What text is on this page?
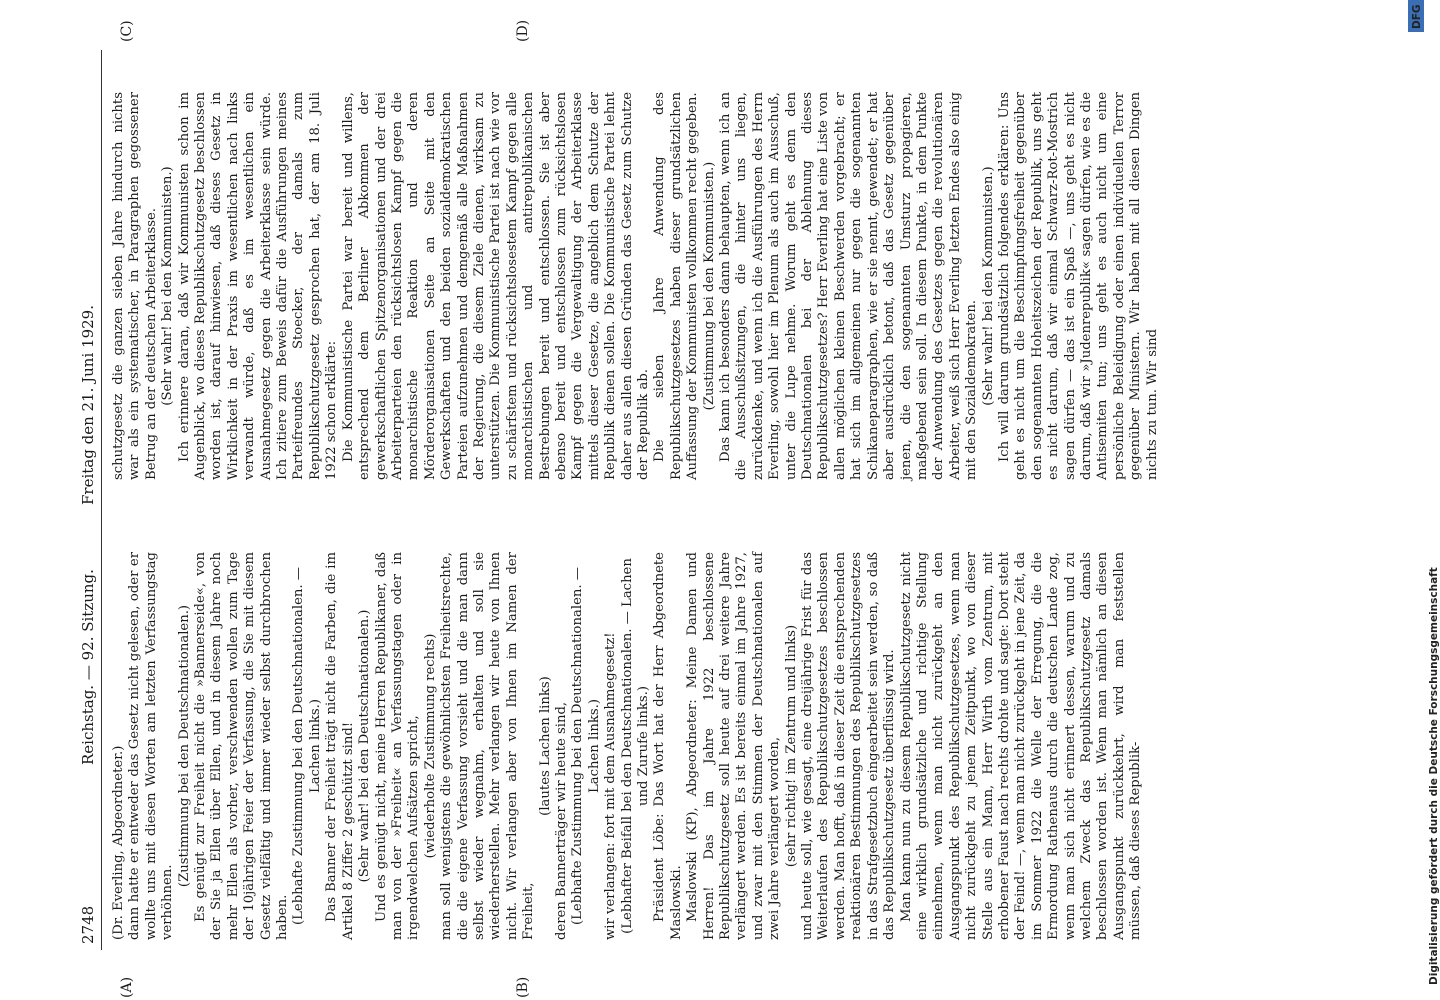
2748
Reichstag. — 92. Sitzung.
Freitag den 21. Juni 1929.
(A)	(B)
(C)	(D)

(Dr. Everling, Abgeordneter.) dann hatte er entweder das Gesetz nicht gelesen, oder er wollte uns mit diesen Worten am letzten Verfassungstag verhöhnen.

(Zustimmung bei den Deutschnationalen.) Es genügt zur Freiheit nicht die »Bannerseide«, von der Sie ja Ellen über Ellen, und in diesem Jahre noch mehr Ellen als vorher, verschwenden wollen zum Tage der 10jährigen Feier der Verfassung, die Sie mit diesem Gesetz vielfältig und immer wieder selbst durchbrochen haben. (Lebhafte Zustimmung bei den Deutschnationalen. — Lachen links.) Das Banner der Freiheit trägt nicht die Farben, die im Artikel 8 Ziffer 2 geschützt sind! (Sehr wahr! bei den Deutschnationalen.) Und es genügt nicht, meine Herren Republikaner, daß man von der »Freiheit« an Verfassungstagen oder in irgendwelchen Aufsätzen spricht, (wiederholte Zustimmung rechts) man soll wenigstens die gewöhnlichsten Freiheitsrechte, die die eigene Verfassung vorsieht und die man dann selbst wieder wegnahm, erhalten und soll sie wiederherstellen. Mehr verlangen wir heute von Ihnen nicht. Wir verlangen aber von Ihnen im Namen der Freiheit,

(lautes Lachen links) deren Bannerträger wir heute sind, (Lebhafte Zustimmung bei den Deutschnationalen. — Lachen links.) wir verlangen: fort mit dem Ausnahmegesetz! (Lebhafter Beifall bei den Deutschnationalen. — Lachen und Zurufe links.) Präsident Löbe: Das Wort hat der Herr Abgeordnete Maslowski. Maslowski (KP), Abgeordneter: Meine Damen und Herren! Das im Jahre 1922 beschlossene Republikschutzgesetz soll heute auf drei weitere Jahre verlängert werden. Es ist bereits einmal im Jahre 1927, und zwar mit den Stimmen der Deutschnationalen auf zwei Jahre verlängert worden, (sehr richtig! im Zentrum und links) und heute soll, wie gesagt, eine dreijährige Frist für das Weiterlaufen des Republikschutzgesetzes beschlossen werden. Man hofft, daß in dieser Zeit die entsprechenden reaktionären Bestimmungen des Republikschutzgesetzes in das Strafgesetzbuch eingearbeitet sein werden, so daß das Republikschutzgesetz überflüssig wird. Man kann nun zu diesem Republikschutzgesetz nicht eine wirklich grundsätzliche und richtige Stellung einnehmen, wenn man nicht zurückgeht an den Ausgangspunkt des Republikschutzgesetzes, wenn man nicht zurückgeht zu jenem Zeitpunkt, wo von dieser Stelle aus ein Mann, Herr Wirth vom Zentrum, mit erhobener Faust nach rechts drohte und sagte: Dort steht der Feind! —, wenn man nicht zurückgeht in jene Zeit, da im Sommer 1922 die Welle der Erregung, die die Ermordung Rathenaus durch die deutschen Lande zog, wenn man sich nicht erinnert dessen, warum und zu welchem Zweck das Republikschutzgesetz damals beschlossen worden ist. Wenn man nämlich an diesen Ausgangspunkt zurückkehrt, wird man feststellen müssen, daß dieses Republik-

schutzgesetz die ganzen sieben Jahre hindurch nichts war als ein systematischer, in Paragraphen gegossener Betrug an der deutschen Arbeiterklasse. (Sehr wahr! bei den Kommunisten.) Ich erinnere daran, daß wir Kommunisten schon im Augenblick, wo dieses Republikschutzgesetz beschlossen worden ist, darauf hinwiesen, daß dieses Gesetz in Wirklichkeit in der Praxis im wesentlichen nach links verwandt würde, daß es im wesentlichen ein Ausnahmegesetz gegen die Arbeiterklasse sein würde. Ich zitiere zum Beweis dafür die Ausführungen meines Parteifreundes Stoecker, der damals zum Republikschutzgesetz gesprochen hat, der am 18. Juli 1922 schon erklärte: Die Kommunistische Partei war bereit und willens, entsprechend dem Berliner Abkommen der gewerkschaftlichen Spitzenorganisationen und der drei Arbeiterparteien den rücksichtslosen Kampf gegen die monarchistische Reaktion und deren Mörderorganisationen Seite an Seite mit den Gewerkschaften und den beiden sozialdemokratischen Parteien aufzunehmen und demgemäß alle Maßnahmen der Regierung, die diesem Ziele dienen, wirksam zu unterstützen. Die Kommunistische Partei ist nach wie vor zu schärfstem und rücksichtslosestem Kampf gegen alle monarchistischen und antirepublikanischen Bestrebungen bereit und entschlossen. Sie ist aber ebenso bereit und entschlossen zum rücksichtslosen Kampf gegen die Vergewaltigung der Arbeiterklasse mittels dieser Gesetze, die angeblich dem Schutze der Republik dienen sollen. Die Kommunistische Partei lehnt daher aus allen diesen Gründen das Gesetz zum Schutze der Republik ab. Die sieben Jahre Anwendung des Republikschutzgesetzes haben dieser grundsätzlichen Auffassung der Kommunisten vollkommen recht gegeben. (Zustimmung bei den Kommunisten.) Das kann ich besonders dann behaupten, wenn ich an die Ausschußsitzungen, die hinter uns liegen, zurückdenke, und wenn ich die Ausführungen des Herrn Everling, sowohl hier im Plenum als auch im Ausschuß, unter die Lupe nehme. Worum geht es denn den Deutschnationalen bei der Ablehnung dieses Republikschutzgesetzes? Herr Everling hat eine Liste von allen möglichen kleinen Beschwerden vorgebracht; er hat sich im allgemeinen nur gegen die sogenannten Schikaneparagraphen, wie er sie nennt, gewendet; er hat aber ausdrücklich betont, daß das Gesetz gegenüber jenen, die den sogenannten Umsturz propagieren, maßgebend sein soll. In diesem Punkte, in dem Punkte der Anwendung des Gesetzes gegen die revolutionären Arbeiter, weiß sich Herr Everling letzten Endes also einig mit den Sozialdemokraten. (Sehr wahr! bei den Kommunisten.) Ich will darum grundsätzlich folgendes erklären: Uns geht es nicht um die Beschimpfungsfreiheit gegenüber den sogenannten Hoheitszeichen der Republik, uns geht es nicht darum, daß wir einmal Schwarz-Rot-Mostrich sagen dürfen — das ist ein Spaß —, uns geht es nicht darum, daß wir »Judenrepublik« sagen dürfen, wie es die Antisemiten tun; uns geht es auch nicht um eine persönliche Beleidigung oder einen individuellen Terror gegenüber Ministern. Wir haben mit all diesen Dingen nichts zu tun. Wir sind

DFG
Digitalisierung gefördert durch die Deutsche Forschungsgemeinschaft
